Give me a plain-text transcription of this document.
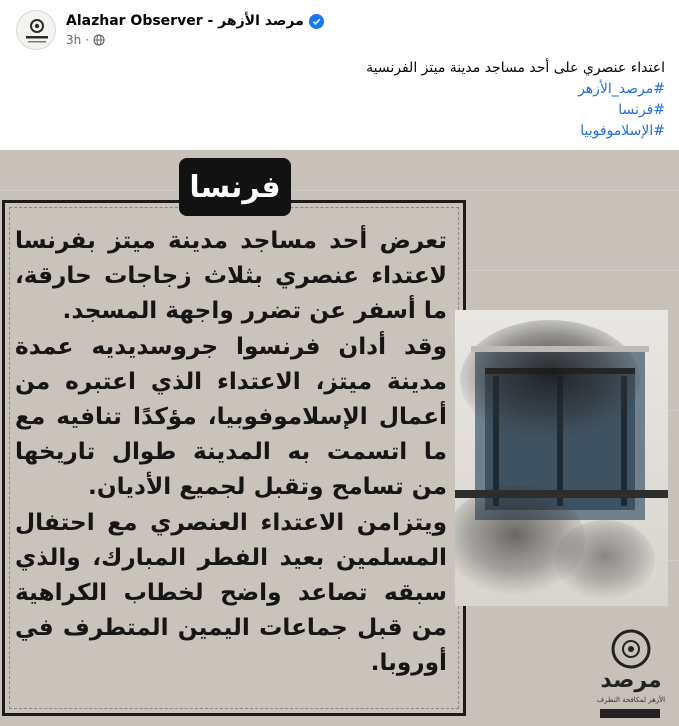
Alazhar Observer - مرصد الأزهر
3h ·
اعتداء عنصري على أحد مساجد مدينة ميتز الفرنسية
#مرصد_الأزهر
#فرنسا
#الإسلاموفوبيا

تعرض أحد مساجد مدينة ميتز بفرنسا لاعتداء عنصري بثلاث زجاجات حارقة، ما أسفر عن تضرر واجهة المسجد.

وقد أدان فرنسوا جروسديديه عمدة مدينة ميتز، الاعتداء الذي اعتبره من أعمال الإسلاموفوبيا، مؤكدًا تنافيه مع ما اتسمت به المدينة طوال تاريخها من تسامح وتقبل لجميع الأديان.

ويتزامن الاعتداء العنصري مع احتفال المسلمين بعيد الفطر المبارك، والذي سبقه تصاعد واضح لخطاب الكراهية من قبل جماعات اليمين المتطرف في أوروبا.

فرنسا
مرصد
الأزهر لمكافحة التطرف
